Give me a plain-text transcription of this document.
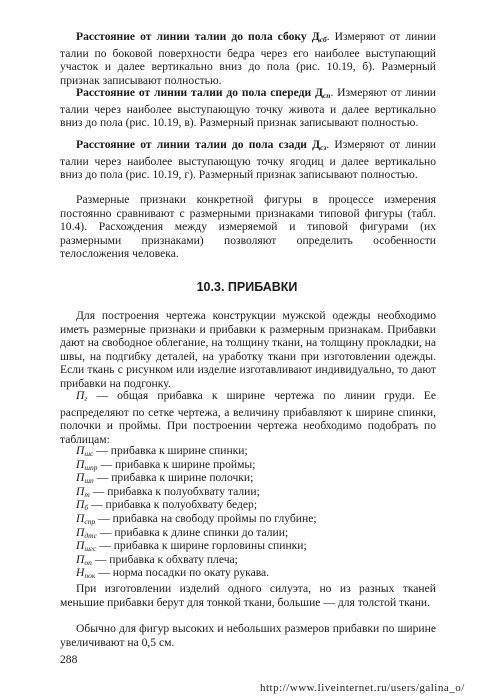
Расстояние от линии талии до пола сбоку $Д_{сб}$. Измеряют от линии талии по боковой поверхности бедра через его наиболее выступающий участок и далее вертикально вниз до пола (рис. 10.19, б). Размерный признак записывают полностью.

Расстояние от линии талии до пола спереди $Д_{сп}$. Измеряют от линии талии через наиболее выступающую точку живота и далее вертикально вниз до пола (рис. 10.19, в). Размерный признак записывают полностью.

Расстояние от линии талии до пола сзади $Д_{сз}$. Измеряют от линии талии через наиболее выступающую точку ягодиц и далее вертикально вниз до пола (рис. 10.19, г). Размерный признак записывают полностью.

Размерные признаки конкретной фигуры в процессе измерения постоянно сравнивают с размерными признаками типовой фигуры (табл. 10.4). Расхождения между измеряемой и типовой фигурами (их размерными признаками) позволяют определить особенности телосложения человека.

10.3. ПРИБАВКИ

Для построения чертежа конструкции мужской одежды необходимо иметь размерные признаки и прибавки к размерным признакам. Прибавки дают на свободное облегание, на толщину ткани, на толщину прокладки, на швы, на подгибку деталей, на уработку ткани при изготовлении одежды. Если ткань с рисунком или изделие изготавливают индивидуально, то дают прибавки на подгонку.

$П_г$ — общая прибавка к ширине чертежа по линии груди. Ее распределяют по сетке чертежа, а величину прибавляют к ширине спинки, полочки и проймы. При построении чертежа необходимо подобрать по таблицам:

$П_{шс}$ — прибавка к ширине спинки;
$П_{шпр}$ — прибавка к ширине проймы;
$П_{шп}$ — прибавка к ширине полочки;
$П_т$ — прибавка к полуобхвату талии;
$П_б$ — прибавка к полуобхвату бедер;
$П_{спр}$ — прибавка на свободу проймы по глубине;
$П_{дтс}$ — прибавка к длине спинки до талии;
$П_{шгс}$ — прибавка к ширине горловины спинки;
$П_{оп}$ — прибавка к обхвату плеча;
$Н_{пок}$ — норма посадки по окату рукава.

При изготовлении изделий одного силуэта, но из разных тканей меньшие прибавки берут для тонкой ткани, большие — для толстой ткани.

Обычно для фигур высоких и небольших размеров прибавки по ширине увеличивают на 0,5 см.

288

http://www.liveinternet.ru/users/galina_o/
